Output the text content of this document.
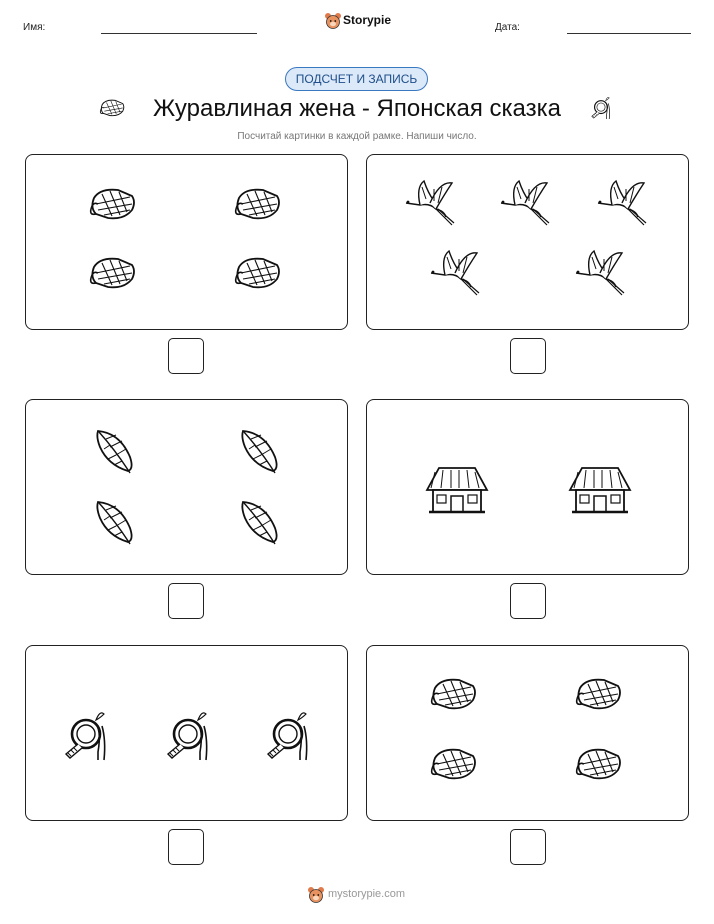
Имя:
Storypie
Дата:
ПОДСЧЕТ И ЗАПИСЬ
Журавлиная жена - Японская сказка
Посчитай картинки в каждой рамке. Напиши число.
mystorypie.com
